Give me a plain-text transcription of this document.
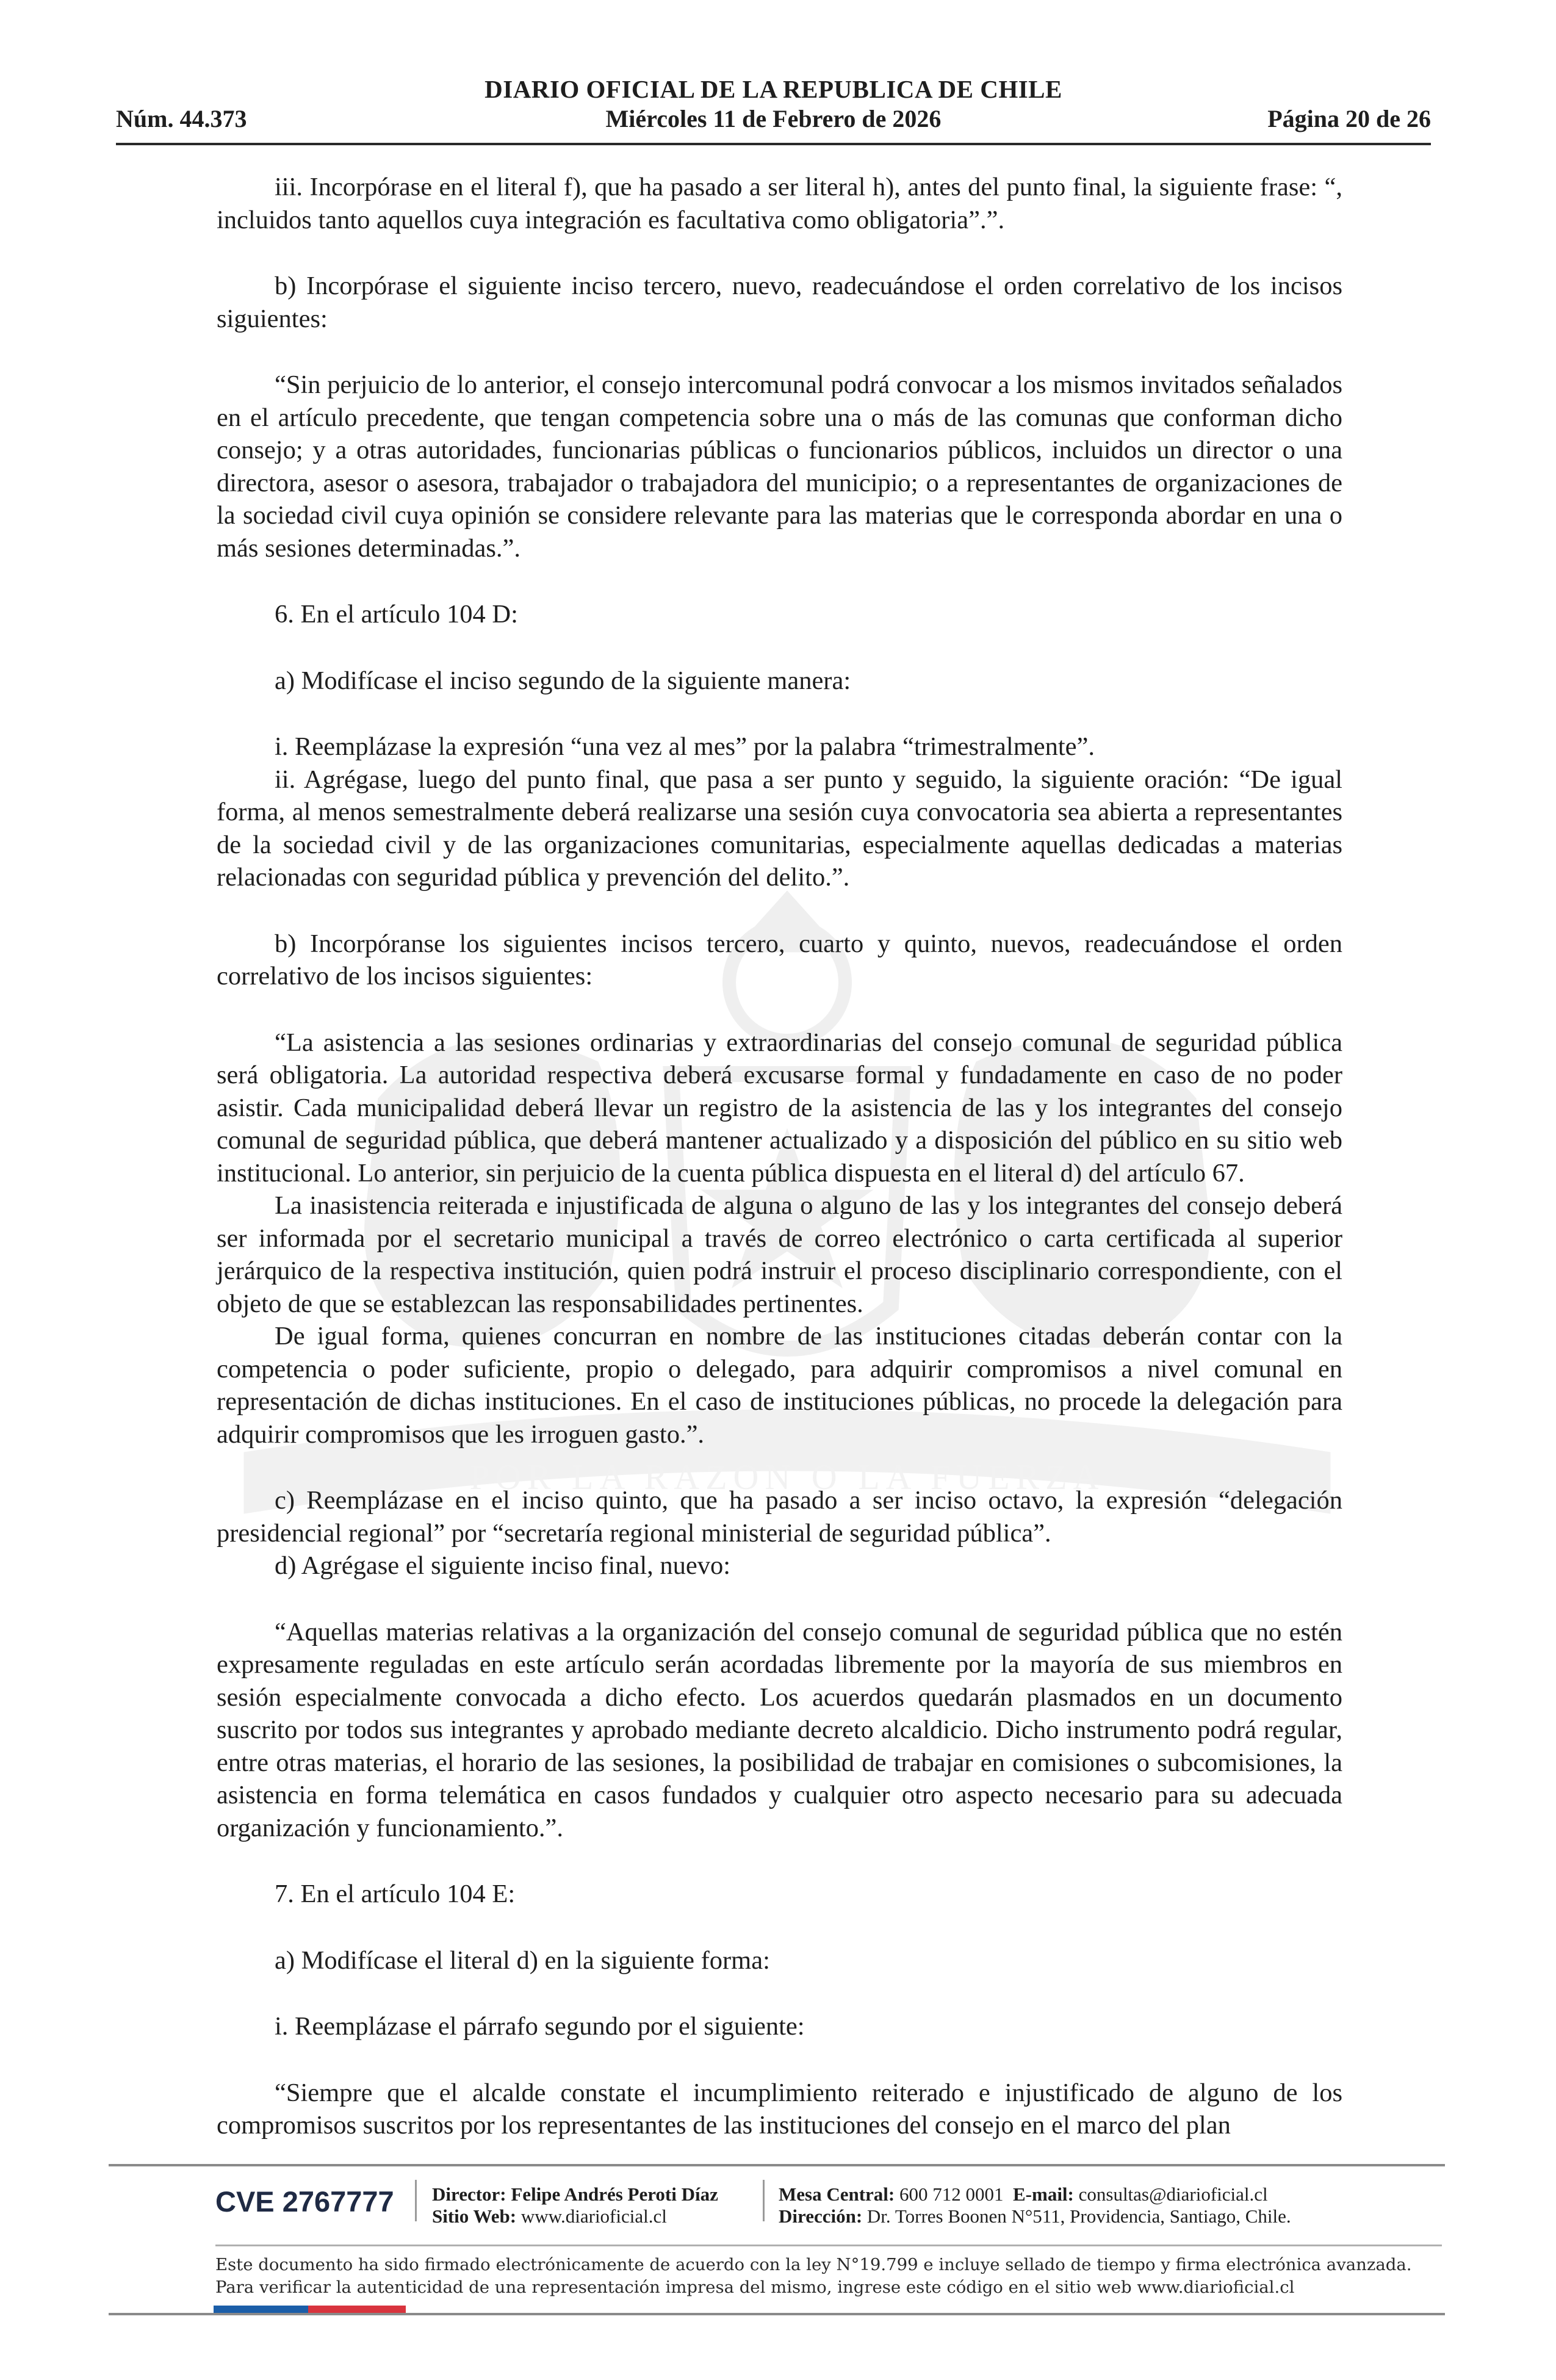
POR LA RAZON O LA FUERZA
DIARIO OFICIAL DE LA REPUBLICA DE CHILE
Miércoles 11 de Febrero de 2026
Núm. 44.373	Página 20 de 26

iii. Incorpórase en el literal f), que ha pasado a ser literal h), antes del punto final, la siguiente frase: “, incluidos tanto aquellos cuya integración es facultativa como obligatoria”.”.

b) Incorpórase el siguiente inciso tercero, nuevo, readecuándose el orden correlativo de los incisos siguientes:

“Sin perjuicio de lo anterior, el consejo intercomunal podrá convocar a los mismos invitados señalados en el artículo precedente, que tengan competencia sobre una o más de las comunas que conforman dicho consejo; y a otras autoridades, funcionarias públicas o funcionarios públicos, incluidos un director o una directora, asesor o asesora, trabajador o trabajadora del municipio; o a representantes de organizaciones de la sociedad civil cuya opinión se considere relevante para las materias que le corresponda abordar en una o más sesiones determinadas.”.

6. En el artículo 104 D:

a) Modifícase el inciso segundo de la siguiente manera:

i. Reemplázase la expresión “una vez al mes” por la palabra “trimestralmente”.

ii. Agrégase, luego del punto final, que pasa a ser punto y seguido, la siguiente oración: “De igual forma, al menos semestralmente deberá realizarse una sesión cuya convocatoria sea abierta a representantes de la sociedad civil y de las organizaciones comunitarias, especialmente aquellas dedicadas a materias relacionadas con seguridad pública y prevención del delito.”.

b) Incorpóranse los siguientes incisos tercero, cuarto y quinto, nuevos, readecuándose el orden correlativo de los incisos siguientes:

“La asistencia a las sesiones ordinarias y extraordinarias del consejo comunal de seguridad pública será obligatoria. La autoridad respectiva deberá excusarse formal y fundadamente en caso de no poder asistir. Cada municipalidad deberá llevar un registro de la asistencia de las y los integrantes del consejo comunal de seguridad pública, que deberá mantener actualizado y a disposición del público en su sitio web institucional. Lo anterior, sin perjuicio de la cuenta pública dispuesta en el literal d) del artículo 67.

La inasistencia reiterada e injustificada de alguna o alguno de las y los integrantes del consejo deberá ser informada por el secretario municipal a través de correo electrónico o carta certificada al superior jerárquico de la respectiva institución, quien podrá instruir el proceso disciplinario correspondiente, con el objeto de que se establezcan las responsabilidades pertinentes.

De igual forma, quienes concurran en nombre de las instituciones citadas deberán contar con la competencia o poder suficiente, propio o delegado, para adquirir compromisos a nivel comunal en representación de dichas instituciones. En el caso de instituciones públicas, no procede la delegación para adquirir compromisos que les irroguen gasto.”.

c) Reemplázase en el inciso quinto, que ha pasado a ser inciso octavo, la expresión “delegación presidencial regional” por “secretaría regional ministerial de seguridad pública”.

d) Agrégase el siguiente inciso final, nuevo:

“Aquellas materias relativas a la organización del consejo comunal de seguridad pública que no estén expresamente reguladas en este artículo serán acordadas libremente por la mayoría de sus miembros en sesión especialmente convocada a dicho efecto. Los acuerdos quedarán plasmados en un documento suscrito por todos sus integrantes y aprobado mediante decreto alcaldicio. Dicho instrumento podrá regular, entre otras materias, el horario de las sesiones, la posibilidad de trabajar en comisiones o subcomisiones, la asistencia en forma telemática en casos fundados y cualquier otro aspecto necesario para su adecuada organización y funcionamiento.”.

7. En el artículo 104 E:

a) Modifícase el literal d) en la siguiente forma:

i. Reemplázase el párrafo segundo por el siguiente:

“Siempre que el alcalde constate el incumplimiento reiterado e injustificado de alguno de los compromisos suscritos por los representantes de las instituciones del consejo en el marco del plan

CVE 2767777 Director: Felipe Andrés Peroti Díaz
Sitio Web: www.diarioficial.cl
Mesa Central: 600 712 0001 E-mail: consultas@diarioficial.cl
Dirección: Dr. Torres Boonen N°511, Providencia, Santiago, Chile.
Este documento ha sido firmado electrónicamente de acuerdo con la ley N°19.799 e incluye sellado de tiempo y firma electrónica avanzada. Para verificar la autenticidad de una representación impresa del mismo, ingrese este código en el sitio web www.diarioficial.cl
